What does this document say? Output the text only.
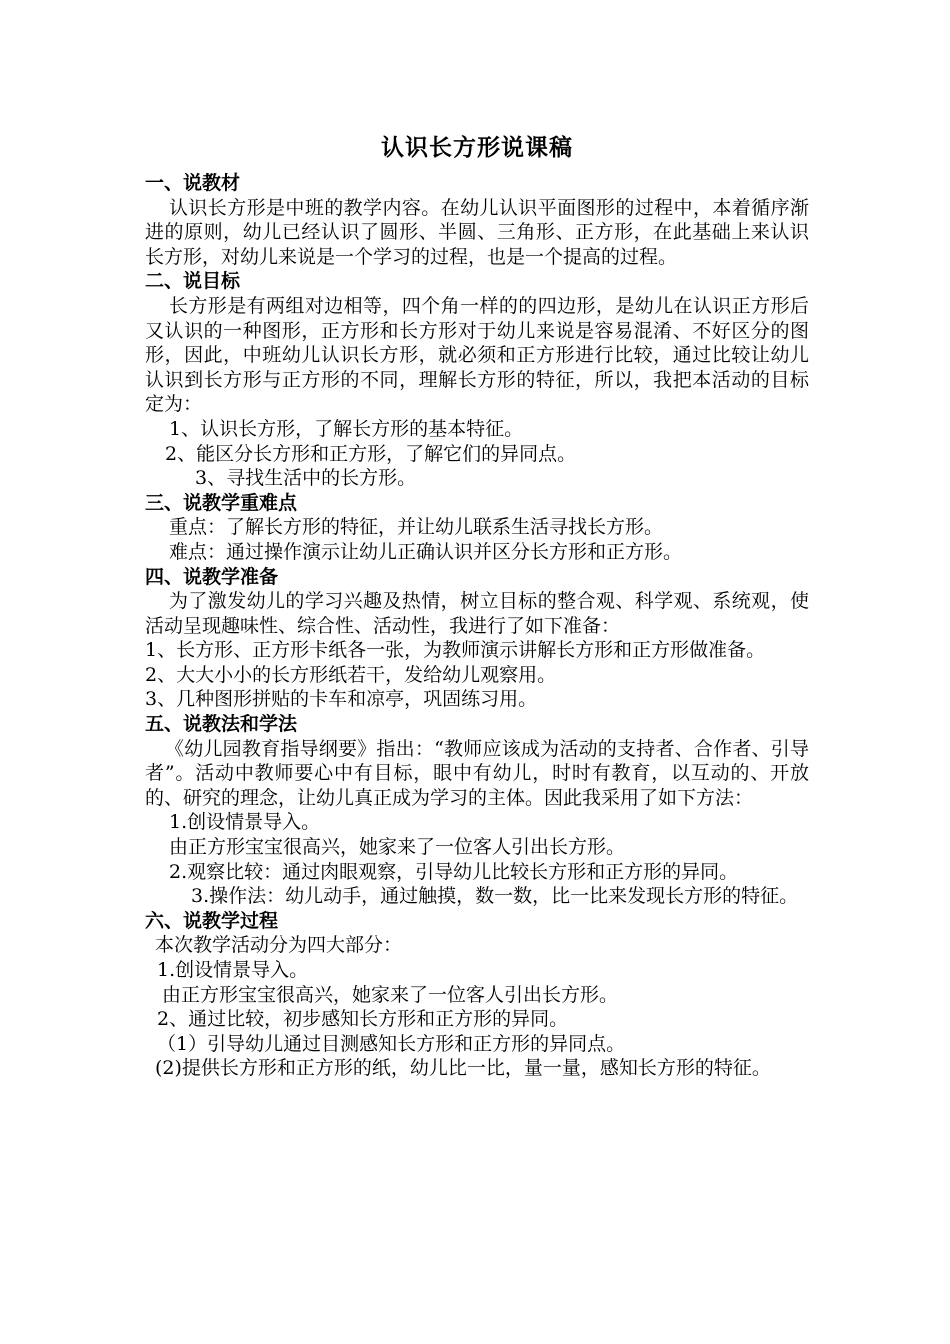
认识长方形说课稿
一、说教材
认识长方形是中班的教学内容。在幼儿认识平面图形的过程中，本着循序渐进的原则，幼儿已经认识了圆形、半圆、三角形、正方形，在此基础上来认识长方形，对幼儿来说是一个学习的过程，也是一个提高的过程。
二、说目标
长方形是有两组对边相等，四个角一样的的四边形，是幼儿在认识正方形后又认识的一种图形，正方形和长方形对于幼儿来说是容易混淆、不好区分的图形，因此，中班幼儿认识长方形，就必须和正方形进行比较，通过比较让幼儿认识到长方形与正方形的不同，理解长方形的特征，所以，我把本活动的目标定为：
1、认识长方形，了解长方形的基本特征。
2、能区分长方形和正方形，了解它们的异同点。
3、寻找生活中的长方形。
三、说教学重难点
重点：了解长方形的特征，并让幼儿联系生活寻找长方形。
难点：通过操作演示让幼儿正确认识并区分长方形和正方形。
四、说教学准备
为了激发幼儿的学习兴趣及热情，树立目标的整合观、科学观、系统观，使活动呈现趣味性、综合性、活动性，我进行了如下准备：
1、长方形、正方形卡纸各一张，为教师演示讲解长方形和正方形做准备。
2、大大小小的长方形纸若干，发给幼儿观察用。
3、几种图形拼贴的卡车和凉亭，巩固练习用。
五、说教法和学法
《幼儿园教育指导纲要》指出：“教师应该成为活动的支持者、合作者、引导者”。活动中教师要心中有目标，眼中有幼儿，时时有教育，以互动的、开放的、研究的理念，让幼儿真正成为学习的主体。因此我采用了如下方法：
1.创设情景导入。
由正方形宝宝很高兴，她家来了一位客人引出长方形。
2.观察比较：通过肉眼观察，引导幼儿比较长方形和正方形的异同。
3.操作法：幼儿动手，通过触摸，数一数，比一比来发现长方形的特征。
六、说教学过程
本次教学活动分为四大部分：
1.创设情景导入。
由正方形宝宝很高兴，她家来了一位客人引出长方形。
2、通过比较，初步感知长方形和正方形的异同。
（1）引导幼儿通过目测感知长方形和正方形的异同点。
(2)提供长方形和正方形的纸，幼儿比一比，量一量，感知长方形的特征。
